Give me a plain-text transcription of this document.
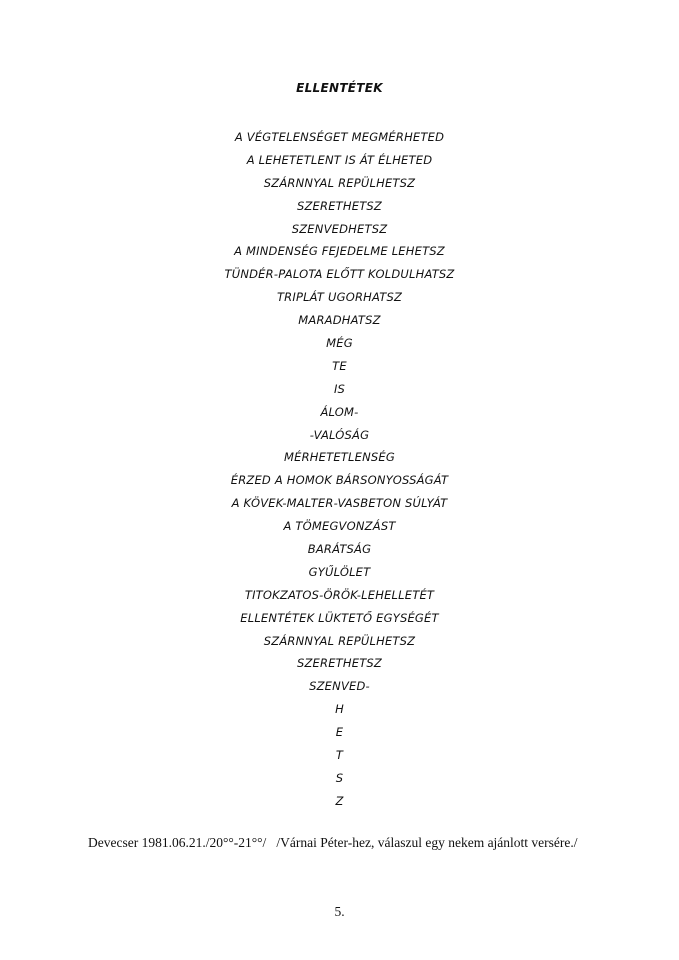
ELLENTÉTEK
A VÉGTELENSÉGET MEGMÉRHETED
A LEHETETLENT IS ÁT ÉLHETED
SZÁRNNYAL REPÜLHETSZ
SZERETHETSZ
SZENVEDHETSZ
A MINDENSÉG FEJEDELME LEHETSZ
TÜNDÉR-PALOTA ELŐTT KOLDULHATSZ
TRIPLÁT UGORHATSZ
MARADHATSZ
MÉG
TE
IS
ÁLOM-
-VALÓSÁG
MÉRHETETLENSÉG
ÉRZED A HOMOK BÁRSONYOSSÁGÁT
A KÖVEK-MALTER-VASBETON SÚLYÁT
A TÖMEGVONZÁST
BARÁTSÁG
GYŰLÖLET
TITOKZATOS-ÖRÖK-LEHELLETÉT
ELLENTÉTEK LÜKTETŐ EGYSÉGÉT
SZÁRNNYAL REPÜLHETSZ
SZERETHETSZ
SZENVED-
H
E
T
S
Z
Devecser 1981.06.21./20°°-21°°/   /Várnai Péter-hez, válaszul egy nekem ajánlott versére./
5.
